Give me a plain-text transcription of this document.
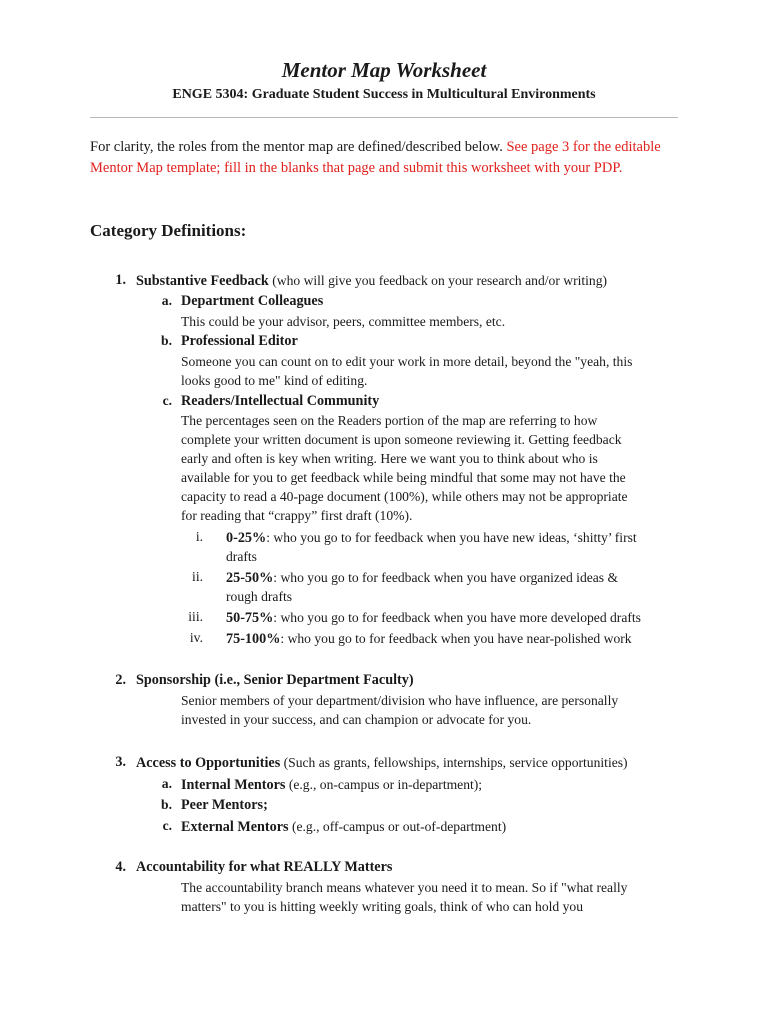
Mentor Map Worksheet
ENGE 5304: Graduate Student Success in Multicultural Environments
For clarity, the roles from the mentor map are defined/described below. See page 3 for the editable Mentor Map template; fill in the blanks that page and submit this worksheet with your PDP.
Category Definitions:
1. Substantive Feedback (who will give you feedback on your research and/or writing)
a. Department Colleagues
This could be your advisor, peers, committee members, etc.
b. Professional Editor
Someone you can count on to edit your work in more detail, beyond the "yeah, this
looks good to me" kind of editing.
c. Readers/Intellectual Community
The percentages seen on the Readers portion of the map are referring to how
complete your written document is upon someone reviewing it. Getting feedback
early and often is key when writing. Here we want you to think about who is
available for you to get feedback while being mindful that some may not have the
capacity to read a 40-page document (100%), while others may not be appropriate
for reading that “crappy” first draft (10%).
i. 0-25%: who you go to for feedback when you have new ideas, ‘shitty’ first
drafts
ii. 25-50%: who you go to for feedback when you have organized ideas &
rough drafts
iii. 50-75%: who you go to for feedback when you have more developed drafts
iv. 75-100%: who you go to for feedback when you have near-polished work
2. Sponsorship (i.e., Senior Department Faculty)
Senior members of your department/division who have influence, are personally
invested in your success, and can champion or advocate for you.
3. Access to Opportunities (Such as grants, fellowships, internships, service opportunities)
a. Internal Mentors (e.g., on-campus or in-department);
b. Peer Mentors;
c. External Mentors (e.g., off-campus or out-of-department)
4. Accountability for what REALLY Matters
The accountability branch means whatever you need it to mean. So if "what really
matters" to you is hitting weekly writing goals, think of who can hold you
